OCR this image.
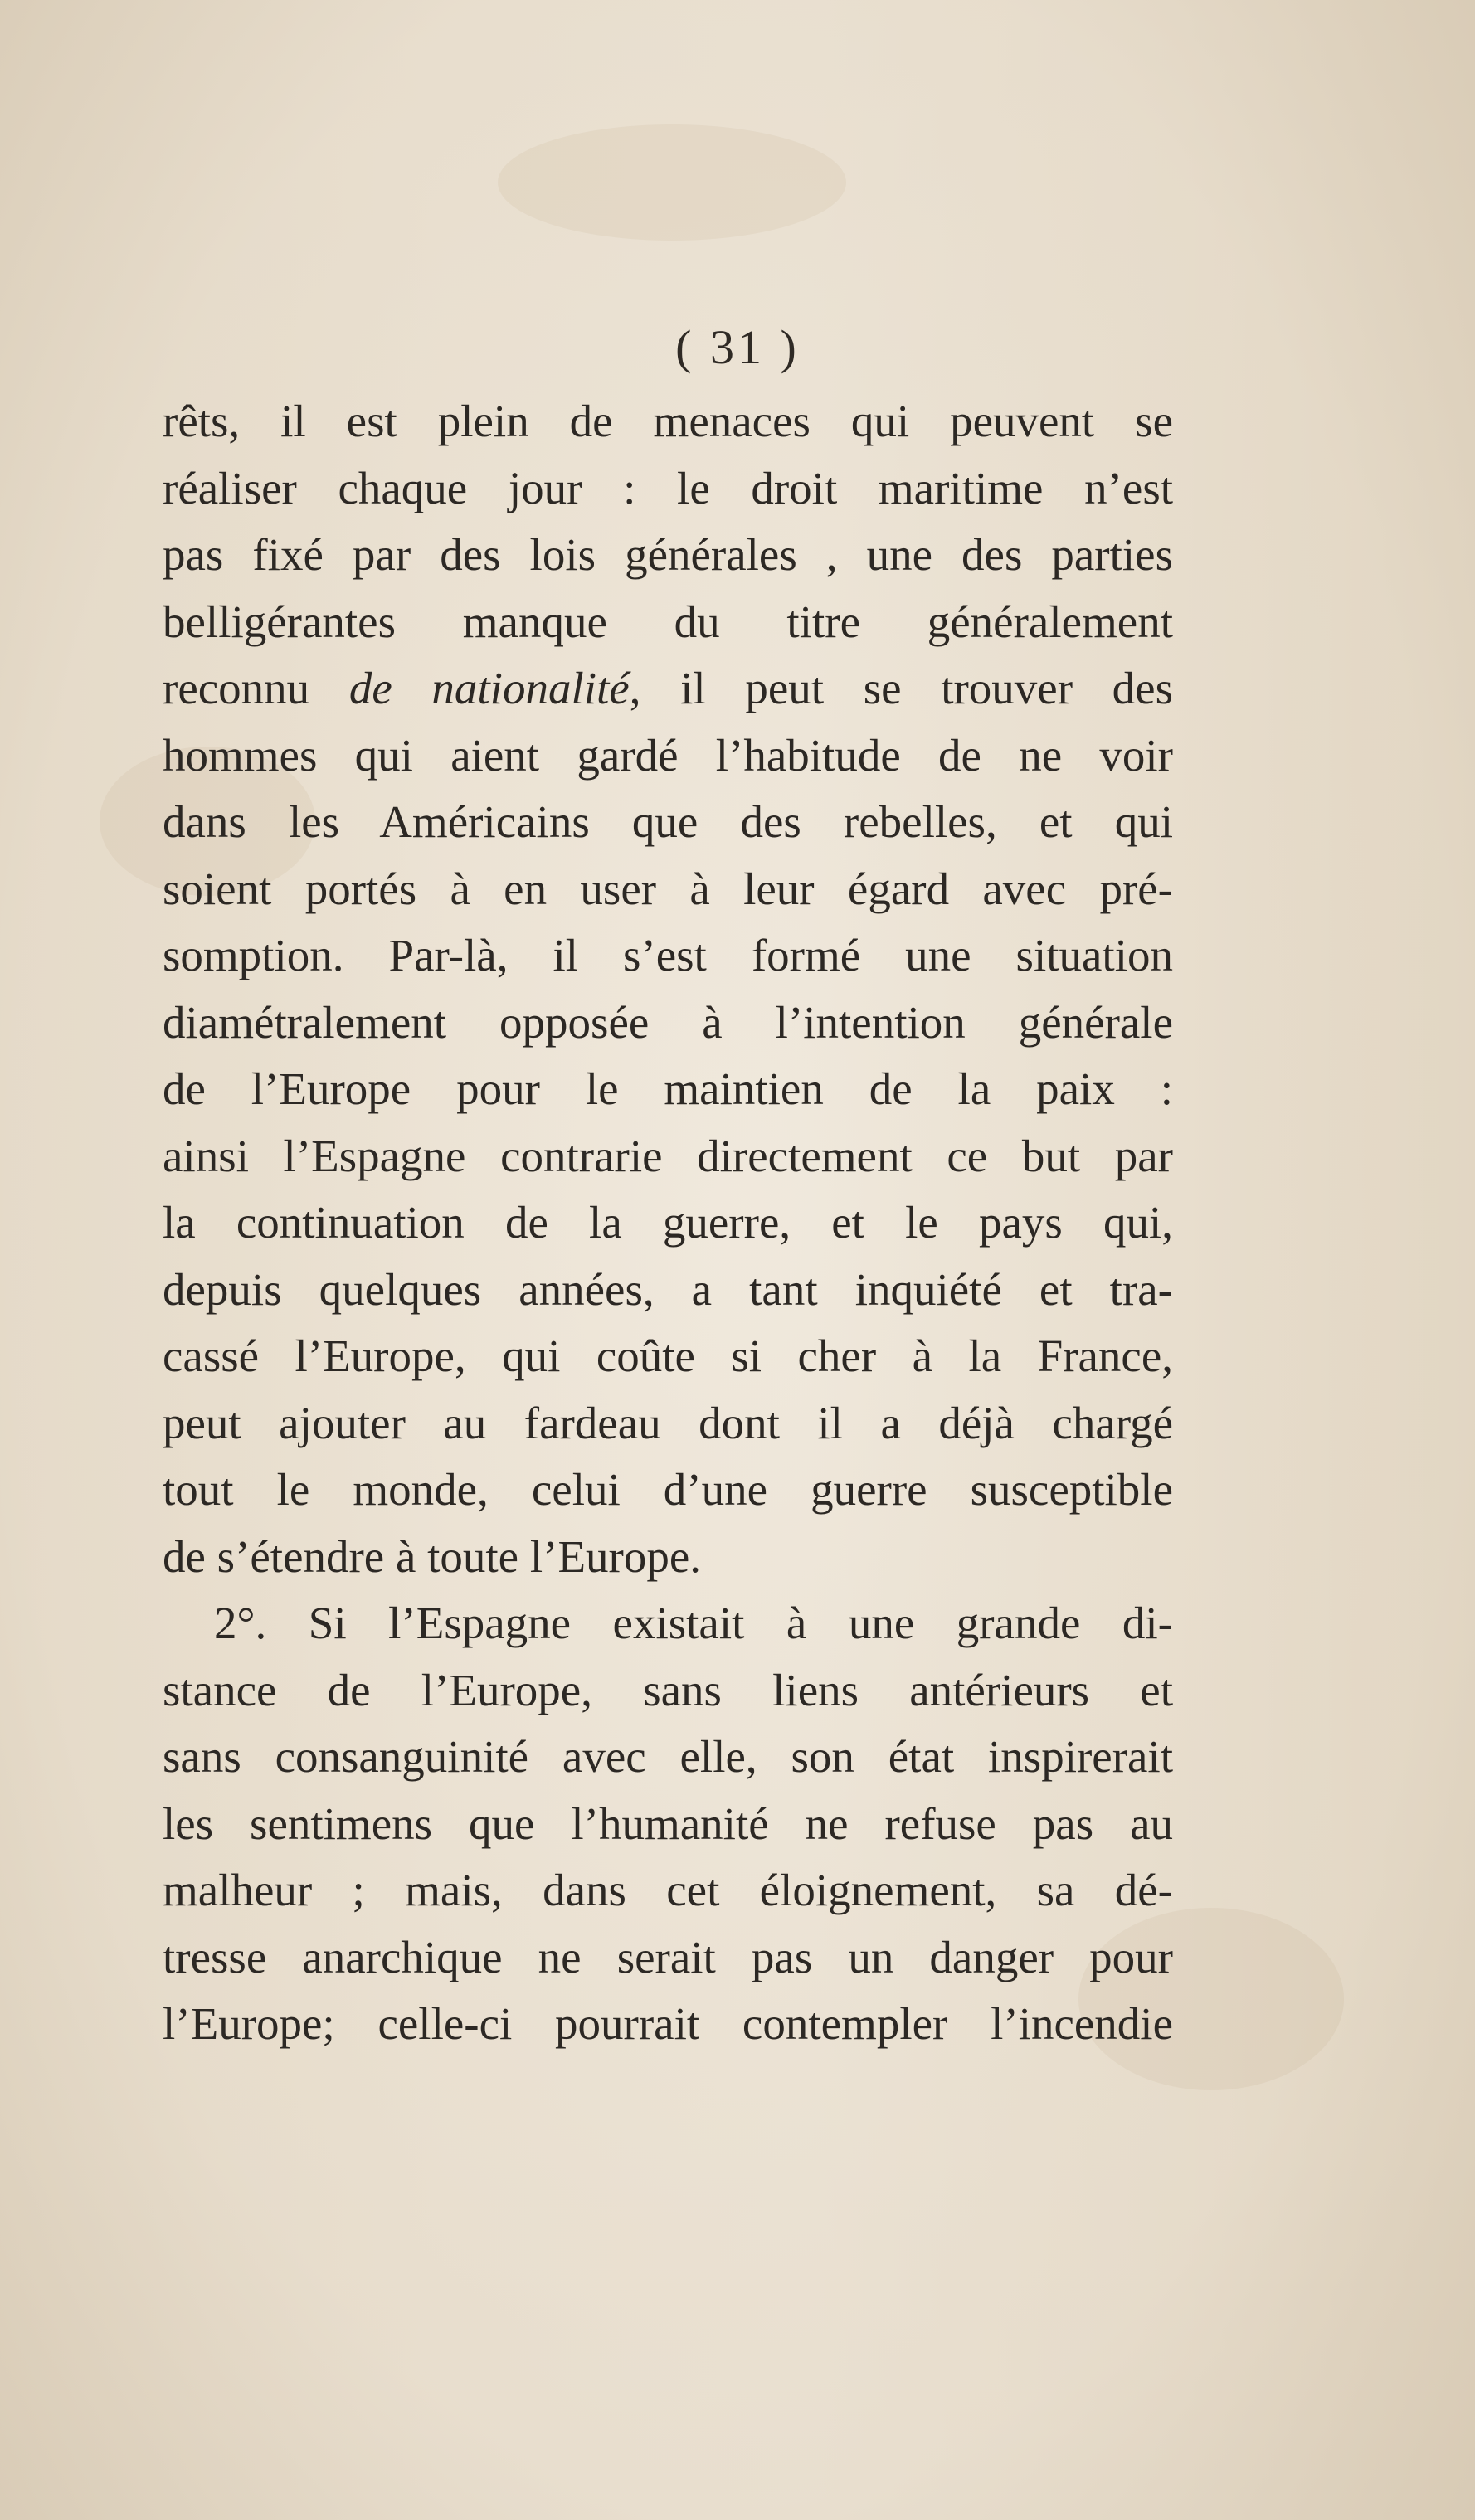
( 31 )
rêts, il est plein de menaces qui peuvent se
réaliser chaque jour : le droit maritime n’est
pas fixé par des lois générales , une des parties
belligérantes manque du titre généralement
reconnu de nationalité, il peut se trouver des
hommes qui aient gardé l’habitude de ne voir
dans les Américains que des rebelles, et qui
soient portés à en user à leur égard avec pré-
somption. Par-là, il s’est formé une situation
diamétralement opposée à l’intention générale
de l’Europe pour le maintien de la paix :
ainsi l’Espagne contrarie directement ce but par
la continuation de la guerre, et le pays qui,
depuis quelques années, a tant inquiété et tra-
cassé l’Europe, qui coûte si cher à la France,
peut ajouter au fardeau dont il a déjà chargé
tout le monde, celui d’une guerre susceptible
de s’étendre à toute l’Europe.
2°. Si l’Espagne existait à une grande di-
stance de l’Europe, sans liens antérieurs et
sans consanguinité avec elle, son état inspirerait
les sentimens que l’humanité ne refuse pas au
malheur ; mais, dans cet éloignement, sa dé-
tresse anarchique ne serait pas un danger pour
l’Europe; celle-ci pourrait contempler l’incendie
